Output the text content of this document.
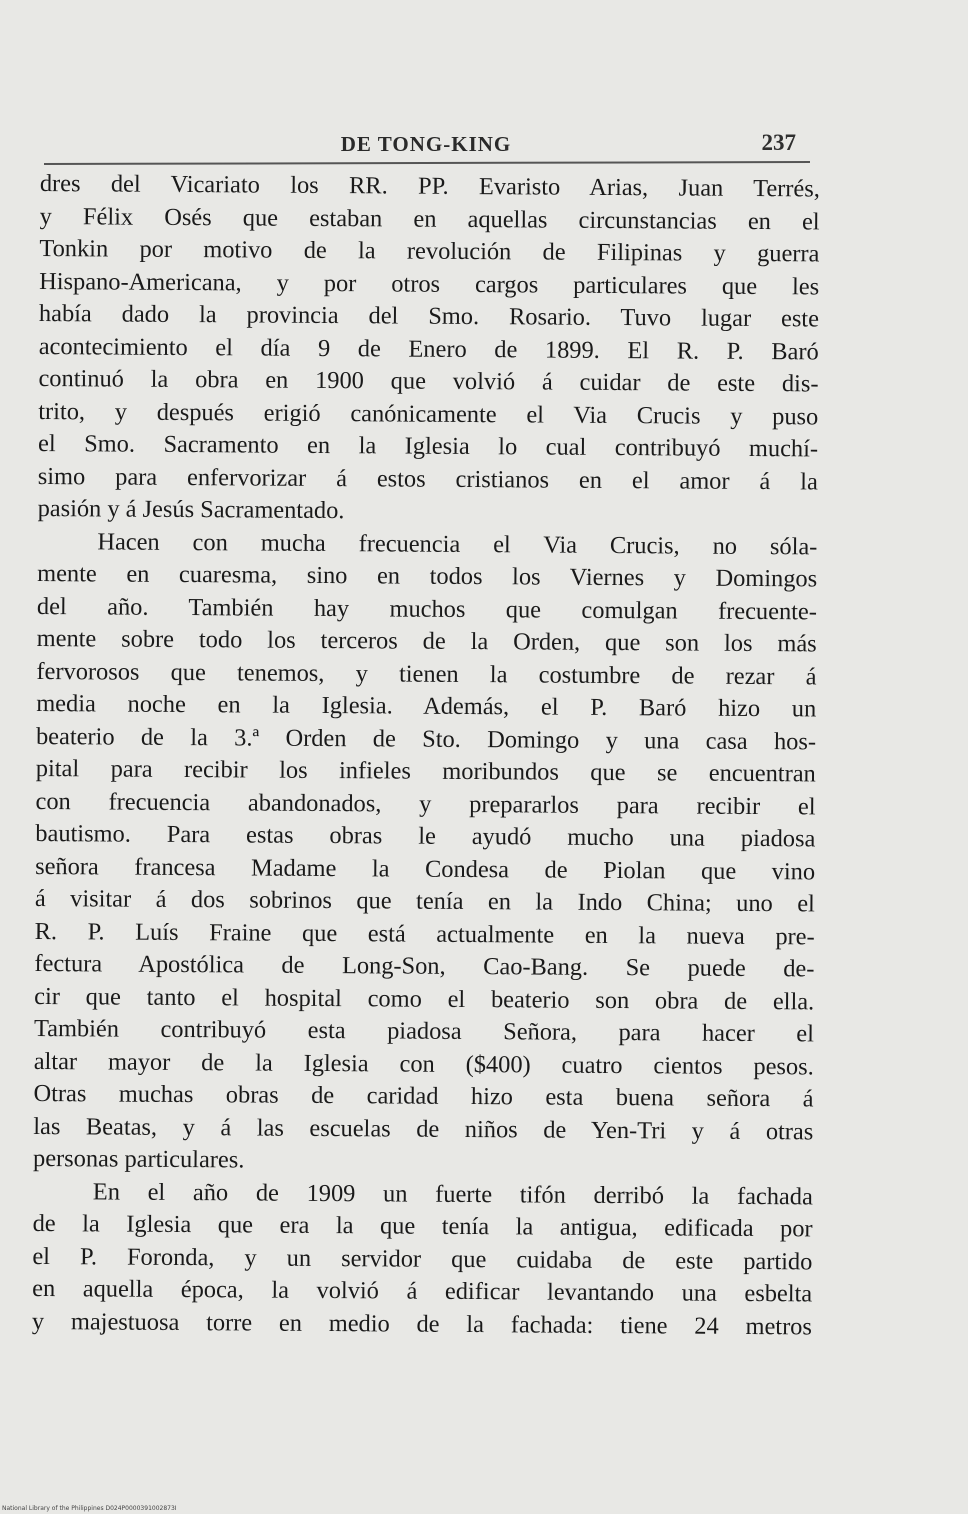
DE TONG-KING	237
dres del Vicariato los RR. PP. Evaristo Arias, Juan Terrés,
y Félix Osés que estaban en aquellas circunstancias en el
Tonkin por motivo de la revolución de Filipinas y guerra
Hispano-Americana, y por otros cargos particulares que les
había dado la provincia del Smo. Rosario. Tuvo lugar este
acontecimiento el día 9 de Enero de 1899. El R. P. Baró
continuó la obra en 1900 que volvió á cuidar de este dis-
trito, y después erigió canónicamente el Via Crucis y puso
el Smo. Sacramento en la Iglesia lo cual contribuyó muchí-
simo para enfervorizar á estos cristianos en el amor á la
pasión y á Jesús Sacramentado.
Hacen con mucha frecuencia el Via Crucis, no sóla-
mente en cuaresma, sino en todos los Viernes y Domingos
del año. También hay muchos que comulgan frecuente-
mente sobre todo los terceros de la Orden, que son los más
fervorosos que tenemos, y tienen la costumbre de rezar á
media noche en la Iglesia. Además, el P. Baró hizo un
beaterio de la 3.ª Orden de Sto. Domingo y una casa hos-
pital para recibir los infieles moribundos que se encuentran
con frecuencia abandonados, y prepararlos para recibir el
bautismo. Para estas obras le ayudó mucho una piadosa
señora francesa Madame la Condesa de Piolan que vino
á visitar á dos sobrinos que tenía en la Indo China; uno el
R. P. Luís Fraine que está actualmente en la nueva pre-
fectura Apostólica de Long-Son, Cao-Bang. Se puede de-
cir que tanto el hospital como el beaterio son obra de ella.
También contribuyó esta piadosa Señora, para hacer el
altar mayor de la Iglesia con ($400) cuatro cientos pesos.
Otras muchas obras de caridad hizo esta buena señora á
las Beatas, y á las escuelas de niños de Yen-Tri y á otras
personas particulares.
En el año de 1909 un fuerte tifón derribó la fachada
de la Iglesia que era la que tenía la antigua, edificada por
el P. Foronda, y un servidor que cuidaba de este partido
en aquella época, la volvió á edificar levantando una esbelta
y majestuosa torre en medio de la fachada: tiene 24 metros
National Library of the Philippines D024P0000391002873I
